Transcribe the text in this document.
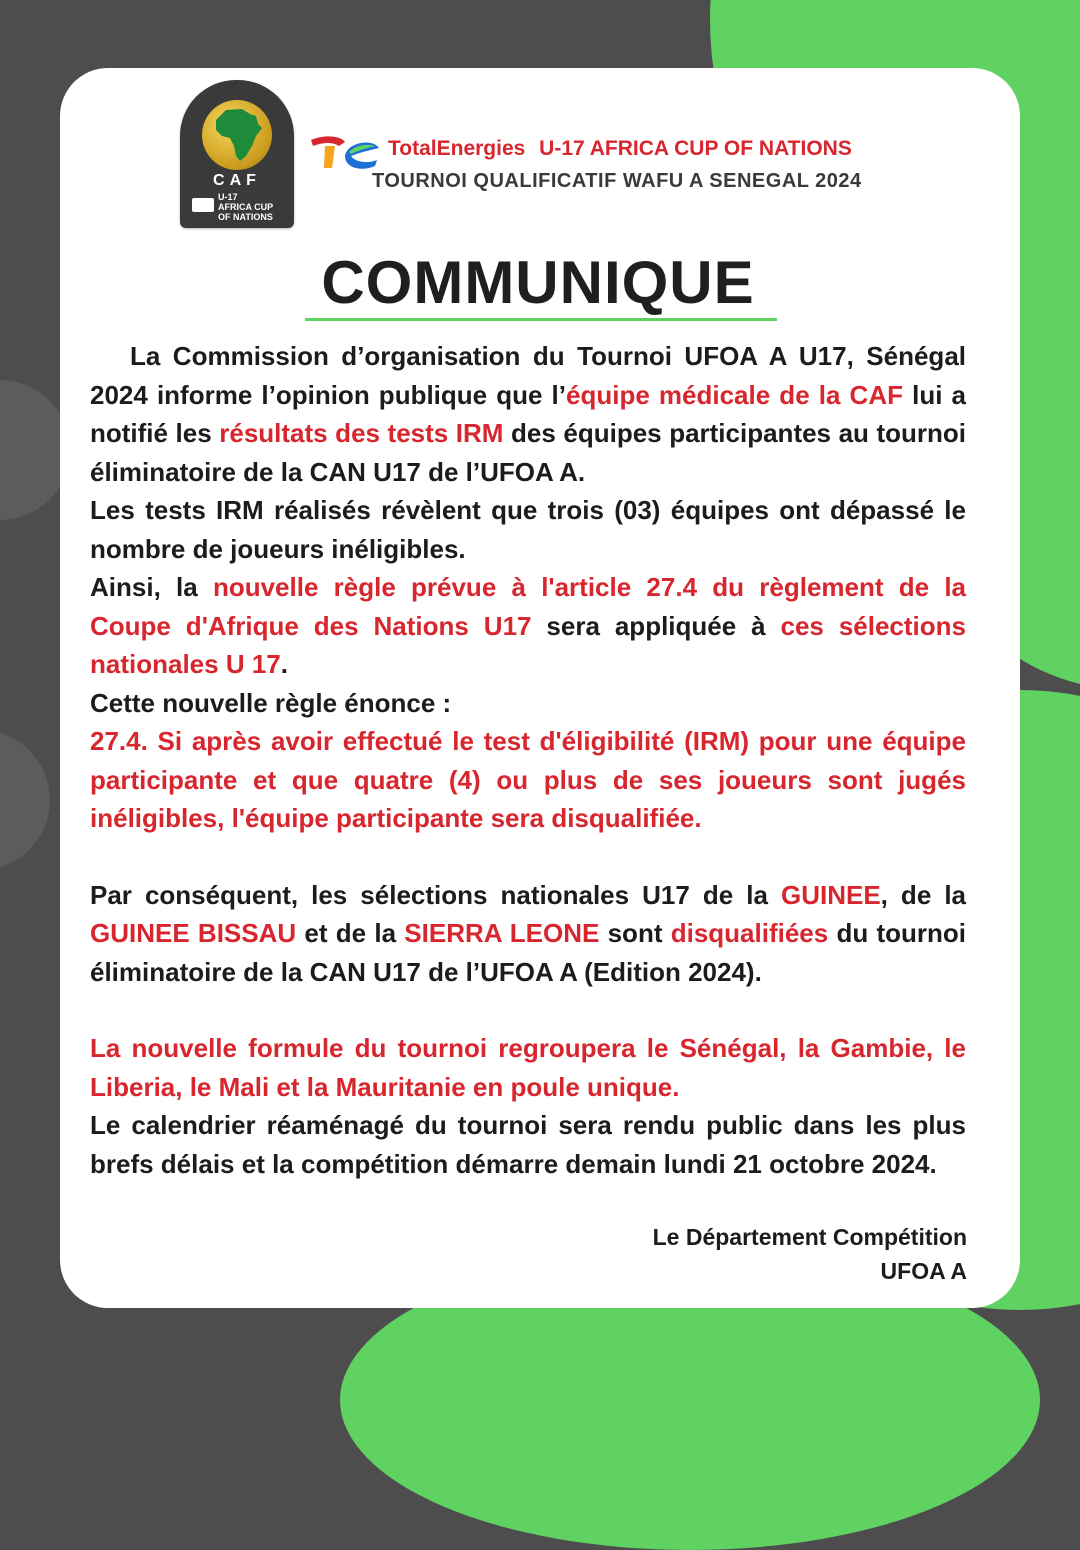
CAF
U-17
AFRICA CUP
OF NATIONS
TotalEnergies U-17 AFRICA CUP OF NATIONS
TOURNOI QUALIFICATIF WAFU A SENEGAL 2024
COMMUNIQUE

La Commission d’organisation du Tournoi UFOA A U17, Sénégal 2024 informe l’opinion publique que l’équipe médicale de la CAF lui a notifié les résultats des tests IRM des équipes participantes au tournoi éliminatoire de la CAN U17 de l’UFOA A.

Les tests IRM réalisés révèlent que trois (03) équipes ont dépassé le nombre de joueurs inéligibles.

Ainsi, la nouvelle règle prévue à l'article 27.4 du règlement de la Coupe d'Afrique des Nations U17 sera appliquée à ces sélections nationales U 17.

Cette nouvelle règle énonce :

27.4. Si après avoir effectué le test d'éligibilité (IRM) pour une équipe participante et que quatre (4) ou plus de ses joueurs sont jugés inéligibles, l'équipe participante sera disqualifiée.

Par conséquent, les sélections nationales U17 de la GUINEE, de la GUINEE BISSAU et de la SIERRA LEONE sont disqualifiées du tournoi éliminatoire de la CAN U17 de l’UFOA A (Edition 2024).

La nouvelle formule du tournoi regroupera le Sénégal, la Gambie, le Liberia, le Mali et la Mauritanie en poule unique.

Le calendrier réaménagé du tournoi sera rendu public dans les plus brefs délais et la compétition démarre demain lundi 21 octobre 2024.

Le Département Compétition
UFOA A
